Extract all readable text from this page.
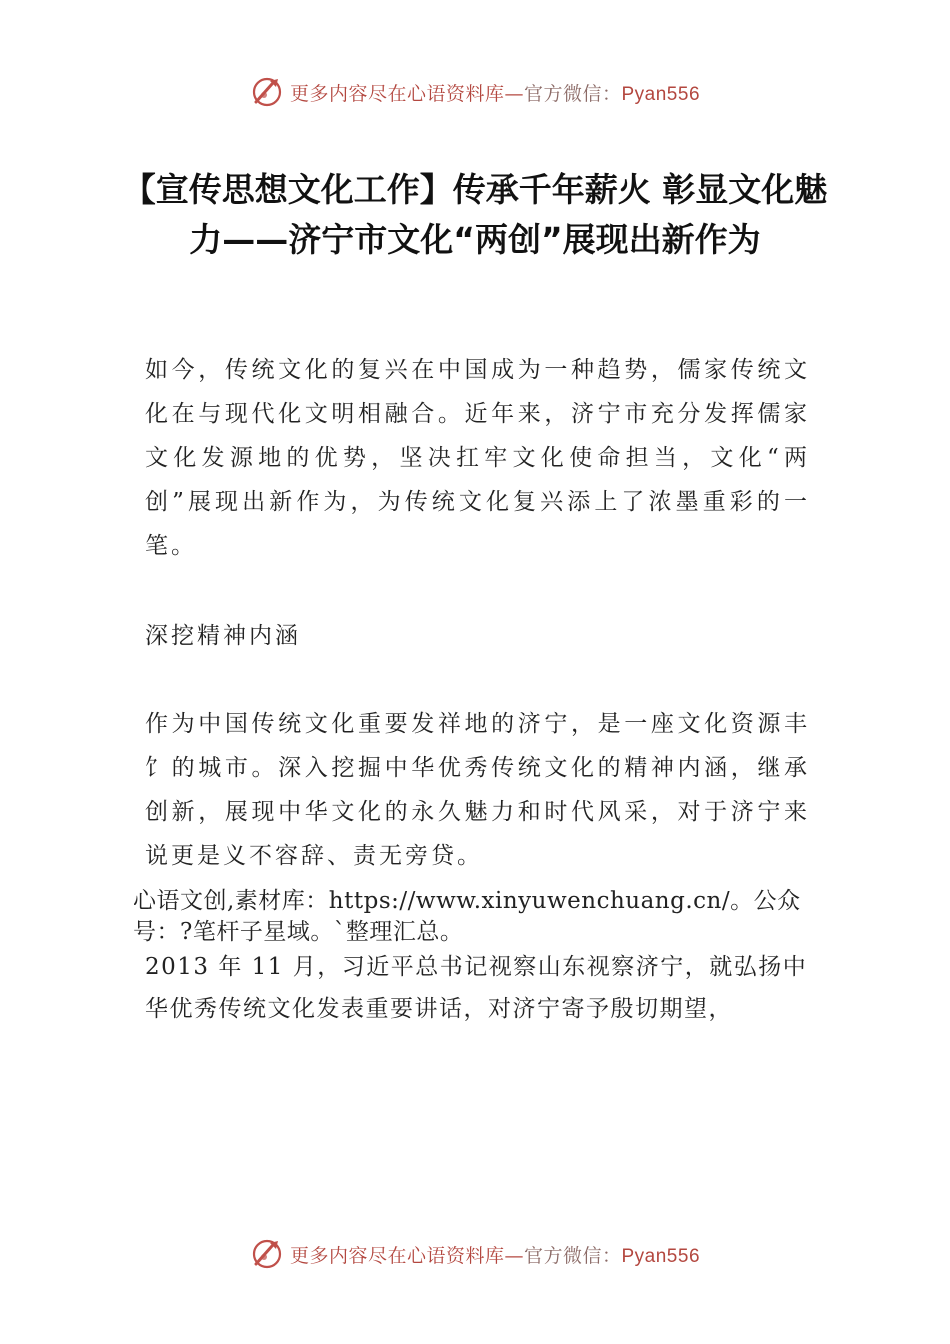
更多内容尽在心语资料库—官方微信：Pyan556
【宣传思想文化工作】传承千年薪火 彰显文化魅力——济宁市文化“两创”展现出新作为

如今，传统文化的复兴在中国成为一种趋势，儒家传统文化在与现代化文明相融合。近年来，济宁市充分发挥儒家文化发源地的优势，坚决扛牢文化使命担当，文化“两创”展现出新作为，为传统文化复兴添上了浓墨重彩的一笔。

深挖精神内涵

作为中国传统文化重要发祥地的济宁，是一座文化资源丰饣的城市。深入挖掘中华优秀传统文化的精神内涵，继承创新，展现中华文化的永久魅力和时代风采，对于济宁来说更是义不容辞、责无旁贷。

心语文创,素材库：https://www.xinyuwenchuang.cn/。公众号：?笔杆子星域。`整理汇总。

2013 年 11 月，习近平总书记视察山东视察济宁，就弘扬中华优秀传统文化发表重要讲话，对济宁寄予殷切期望，

更多内容尽在心语资料库—官方微信：Pyan556
